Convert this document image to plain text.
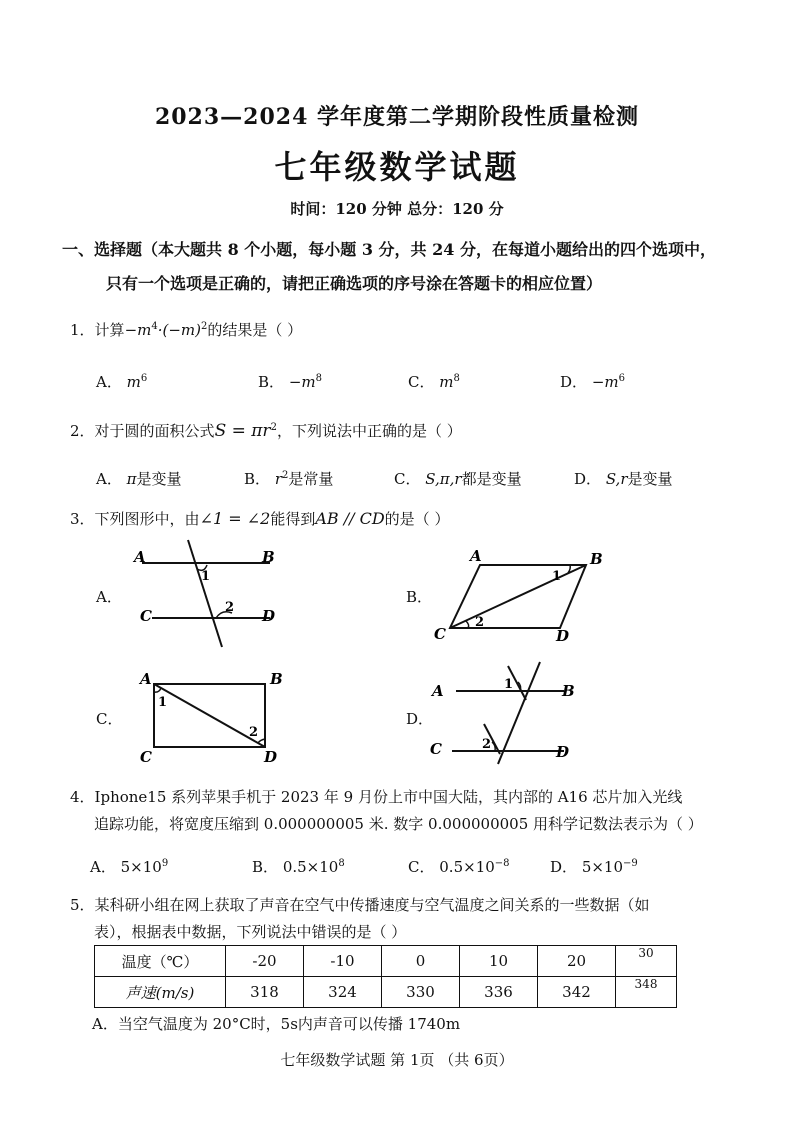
2023—2024 学年度第二学期阶段性质量检测
七年级数学试题
时间：120 分钟 总分：120 分
一、选择题（本大题共 8 个小题，每小题 3 分，共 24 分，在每道小题给出的四个选项中，
只有一个选项是正确的，请把正确选项的序号涂在答题卡的相应位置）
1．计算$-m^4\cdot(-m)^2$的结果是（ ）
A． $m^6$	B． $-m^8$	C． $m^8$	D． $-m^6$
2．对于圆的面积公式$S = \pi r^2$，下列说法中正确的是（ ）
A． π是变量	B． $r^2$是常量	C． S,π,r都是变量	D． S,r是变量
3．下列图形中，由∠1 = ∠2能得到AB // CD的是（ ）
A．	B．
C．	D．
A	B
C	D
1
2
A	B
C	D
1
2
A	B
C	D
1
2
A	B
C	D
1
2
4．Iphone15 系列苹果手机于 2023 年 9 月份上市中国大陆，其内部的 A16 芯片加入光线
追踪功能，将宽度压缩到 0.000000005 米. 数字 0.000000005 用科学记数法表示为（ ）
A． $5\times 10^9$	B． $0.5\times 10^8$	C． $0.5\times 10^{-8}$	D． $5\times 10^{-9}$
5．某科研小组在网上获取了声音在空气中传播速度与空气温度之间关系的一些数据（如
表），根据表中数据，下列说法中错误的是（ ）
温度（℃）	-20	-10	0	10	20	30
声速(m/s)	318	324	330	336	342	348
A．当空气温度为 20°C时，5s内声音可以传播 1740m
七年级数学试题 第 1页 （共 6页）
